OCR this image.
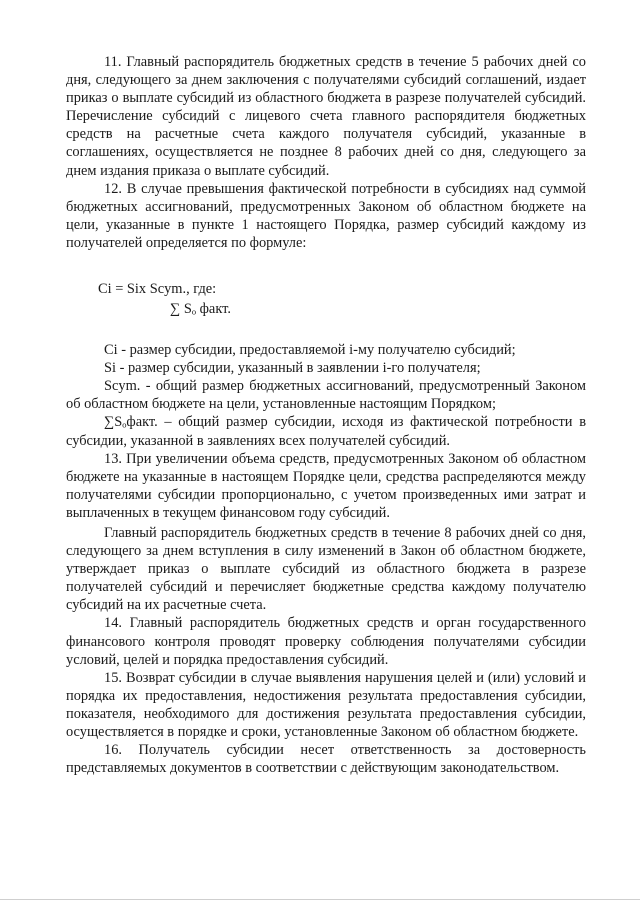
11. Главный распорядитель бюджетных средств в течение 5 рабочих дней со дня, следующего за днем заключения с получателями субсидий соглашений, издает приказ о выплате субсидий из областного бюджета в разрезе получателей субсидий. Перечисление субсидий с лицевого счета главного распорядителя бюджетных средств на расчетные счета каждого получателя субсидий, указанные в соглашениях, осуществляется не позднее 8 рабочих дней со дня, следующего за днем издания приказа о выплате субсидий.

12. В случае превышения фактической потребности в субсидиях над суммой бюджетных ассигнований, предусмотренных Законом об областном бюджете на цели, указанные в пункте 1 настоящего Порядка, размер субсидий каждому из получателей определяется по формуле:

Ci = Six Scym., где:
∑ Sₒ факт.

Ci - размер субсидии, предоставляемой i-му получателю субсидий;

Si - размер субсидии, указанный в заявлении i-го получателя;

Scym. - общий размер бюджетных ассигнований, предусмотренный Законом об областном бюджете на цели, установленные настоящим Порядком;

∑Sₒфакт. – общий размер субсидии, исходя из фактической потребности в субсидии, указанной в заявлениях всех получателей субсидий.

13. При увеличении объема средств, предусмотренных Законом об областном бюджете на указанные в настоящем Порядке цели, средства распределяются между получателями субсидии пропорционально, с учетом произведенных ими затрат и выплаченных в текущем финансовом году субсидий.

Главный распорядитель бюджетных средств в течение 8 рабочих дней со дня, следующего за днем вступления в силу изменений в Закон об областном бюджете, утверждает приказ о выплате субсидий из областного бюджета в разрезе получателей субсидий и перечисляет бюджетные средства каждому получателю субсидий на их расчетные счета.

14. Главный распорядитель бюджетных средств и орган государственного финансового контроля проводят проверку соблюдения получателями субсидии условий, целей и порядка предоставления субсидий.

15. Возврат субсидии в случае выявления нарушения целей и (или) условий и порядка их предоставления, недостижения результата предоставления субсидии, показателя, необходимого для достижения результата предоставления субсидии, осуществляется в порядке и сроки, установленные Законом об областном бюджете.

16. Получатель субсидии несет ответственность за достоверность представляемых документов в соответствии с действующим законодательством.
